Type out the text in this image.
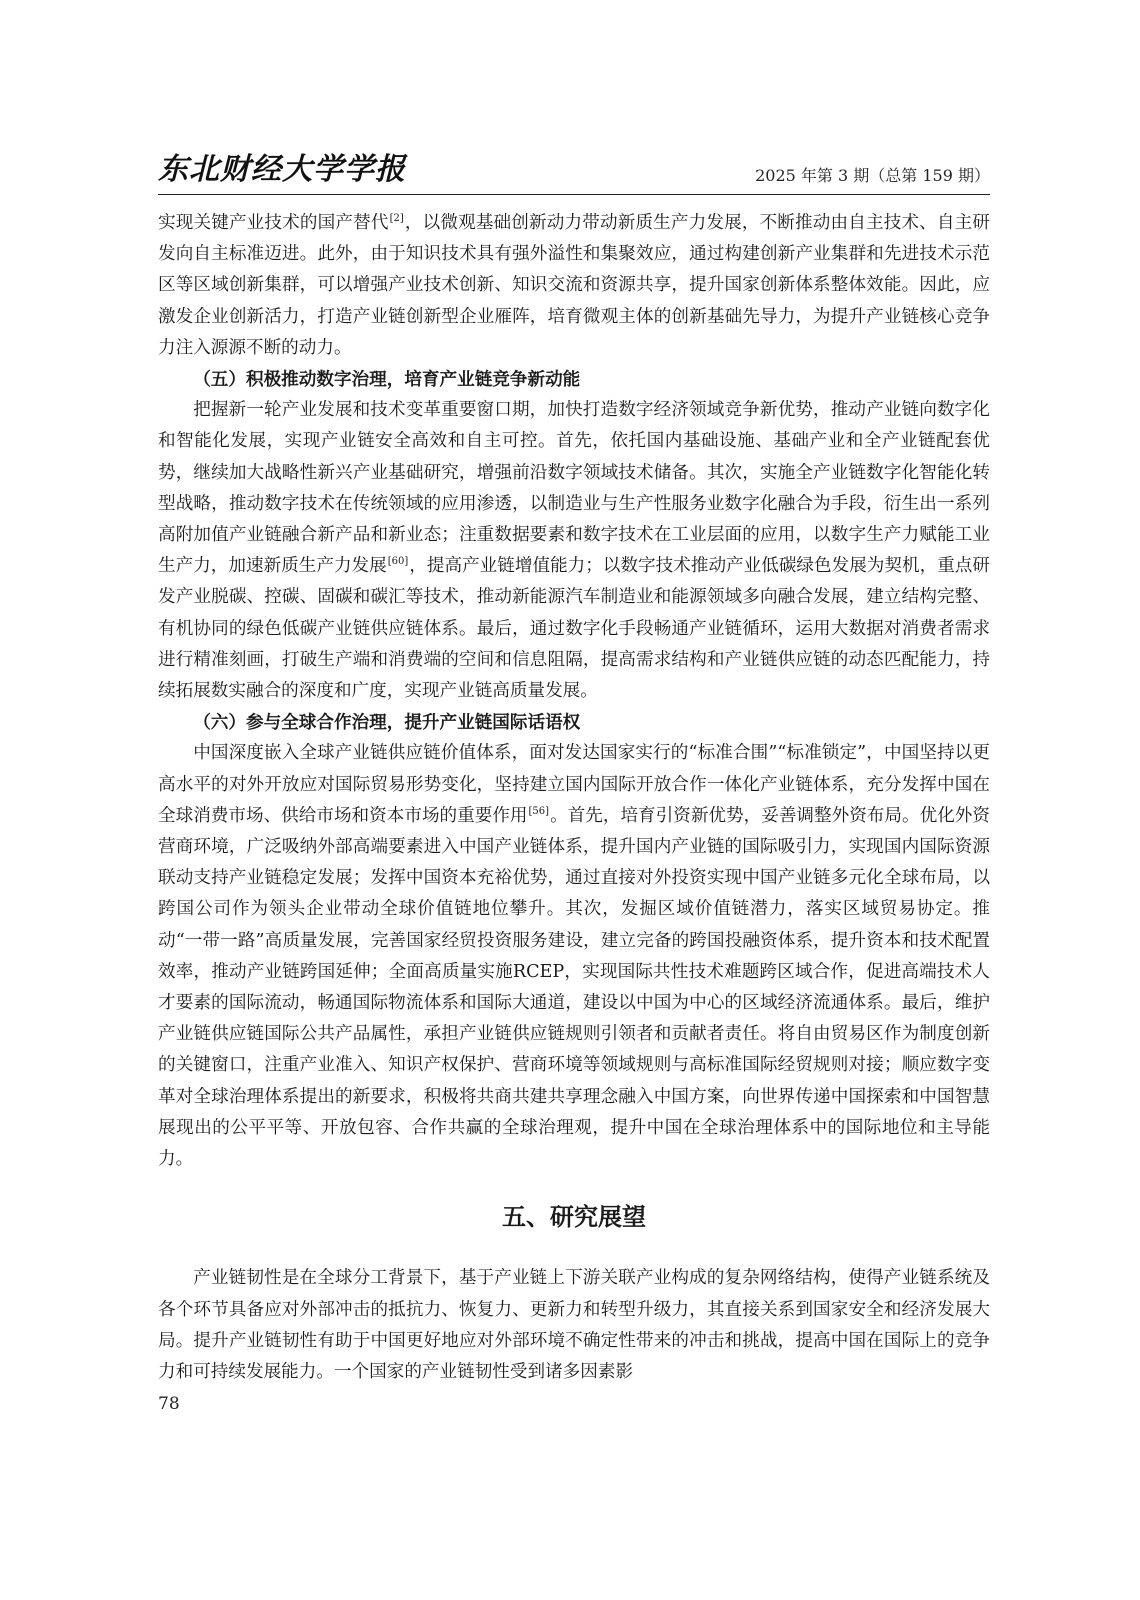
东北财经大学学报	2025 年第 3 期（总第 159 期）

实现关键产业技术的国产替代[2]，以微观基础创新动力带动新质生产力发展，不断推动由自主技术、自主研发向自主标准迈进。此外，由于知识技术具有强外溢性和集聚效应，通过构建创新产业集群和先进技术示范区等区域创新集群，可以增强产业技术创新、知识交流和资源共享，提升国家创新体系整体效能。因此，应激发企业创新活力，打造产业链创新型企业雁阵，培育微观主体的创新基础先导力，为提升产业链核心竞争力注入源源不断的动力。

（五）积极推动数字治理，培育产业链竞争新动能

把握新一轮产业发展和技术变革重要窗口期，加快打造数字经济领域竞争新优势，推动产业链向数字化和智能化发展，实现产业链安全高效和自主可控。首先，依托国内基础设施、基础产业和全产业链配套优势，继续加大战略性新兴产业基础研究，增强前沿数字领域技术储备。其次，实施全产业链数字化智能化转型战略，推动数字技术在传统领域的应用渗透，以制造业与生产性服务业数字化融合为手段，衍生出一系列高附加值产业链融合新产品和新业态；注重数据要素和数字技术在工业层面的应用，以数字生产力赋能工业生产力，加速新质生产力发展[60]，提高产业链增值能力；以数字技术推动产业低碳绿色发展为契机，重点研发产业脱碳、控碳、固碳和碳汇等技术，推动新能源汽车制造业和能源领域多向融合发展，建立结构完整、有机协同的绿色低碳产业链供应链体系。最后，通过数字化手段畅通产业链循环，运用大数据对消费者需求进行精准刻画，打破生产端和消费端的空间和信息阻隔，提高需求结构和产业链供应链的动态匹配能力，持续拓展数实融合的深度和广度，实现产业链高质量发展。

（六）参与全球合作治理，提升产业链国际话语权

中国深度嵌入全球产业链供应链价值体系，面对发达国家实行的“标准合围”“标准锁定”，中国坚持以更高水平的对外开放应对国际贸易形势变化，坚持建立国内国际开放合作一体化产业链体系，充分发挥中国在全球消费市场、供给市场和资本市场的重要作用[56]。首先，培育引资新优势，妥善调整外资布局。优化外资营商环境，广泛吸纳外部高端要素进入中国产业链体系，提升国内产业链的国际吸引力，实现国内国际资源联动支持产业链稳定发展；发挥中国资本充裕优势，通过直接对外投资实现中国产业链多元化全球布局，以跨国公司作为领头企业带动全球价值链地位攀升。其次，发掘区域价值链潜力，落实区域贸易协定。推动“一带一路”高质量发展，完善国家经贸投资服务建设，建立完备的跨国投融资体系，提升资本和技术配置效率，推动产业链跨国延伸；全面高质量实施RCEP，实现国际共性技术难题跨区域合作，促进高端技术人才要素的国际流动，畅通国际物流体系和国际大通道，建设以中国为中心的区域经济流通体系。最后，维护产业链供应链国际公共产品属性，承担产业链供应链规则引领者和贡献者责任。将自由贸易区作为制度创新的关键窗口，注重产业准入、知识产权保护、营商环境等领域规则与高标准国际经贸规则对接；顺应数字变革对全球治理体系提出的新要求，积极将共商共建共享理念融入中国方案，向世界传递中国探索和中国智慧展现出的公平平等、开放包容、合作共赢的全球治理观，提升中国在全球治理体系中的国际地位和主导能力。

五、研究展望

产业链韧性是在全球分工背景下，基于产业链上下游关联产业构成的复杂网络结构，使得产业链系统及各个环节具备应对外部冲击的抵抗力、恢复力、更新力和转型升级力，其直接关系到国家安全和经济发展大局。提升产业链韧性有助于中国更好地应对外部环境不确定性带来的冲击和挑战，提高中国在国际上的竞争力和可持续发展能力。一个国家的产业链韧性受到诸多因素影

78
